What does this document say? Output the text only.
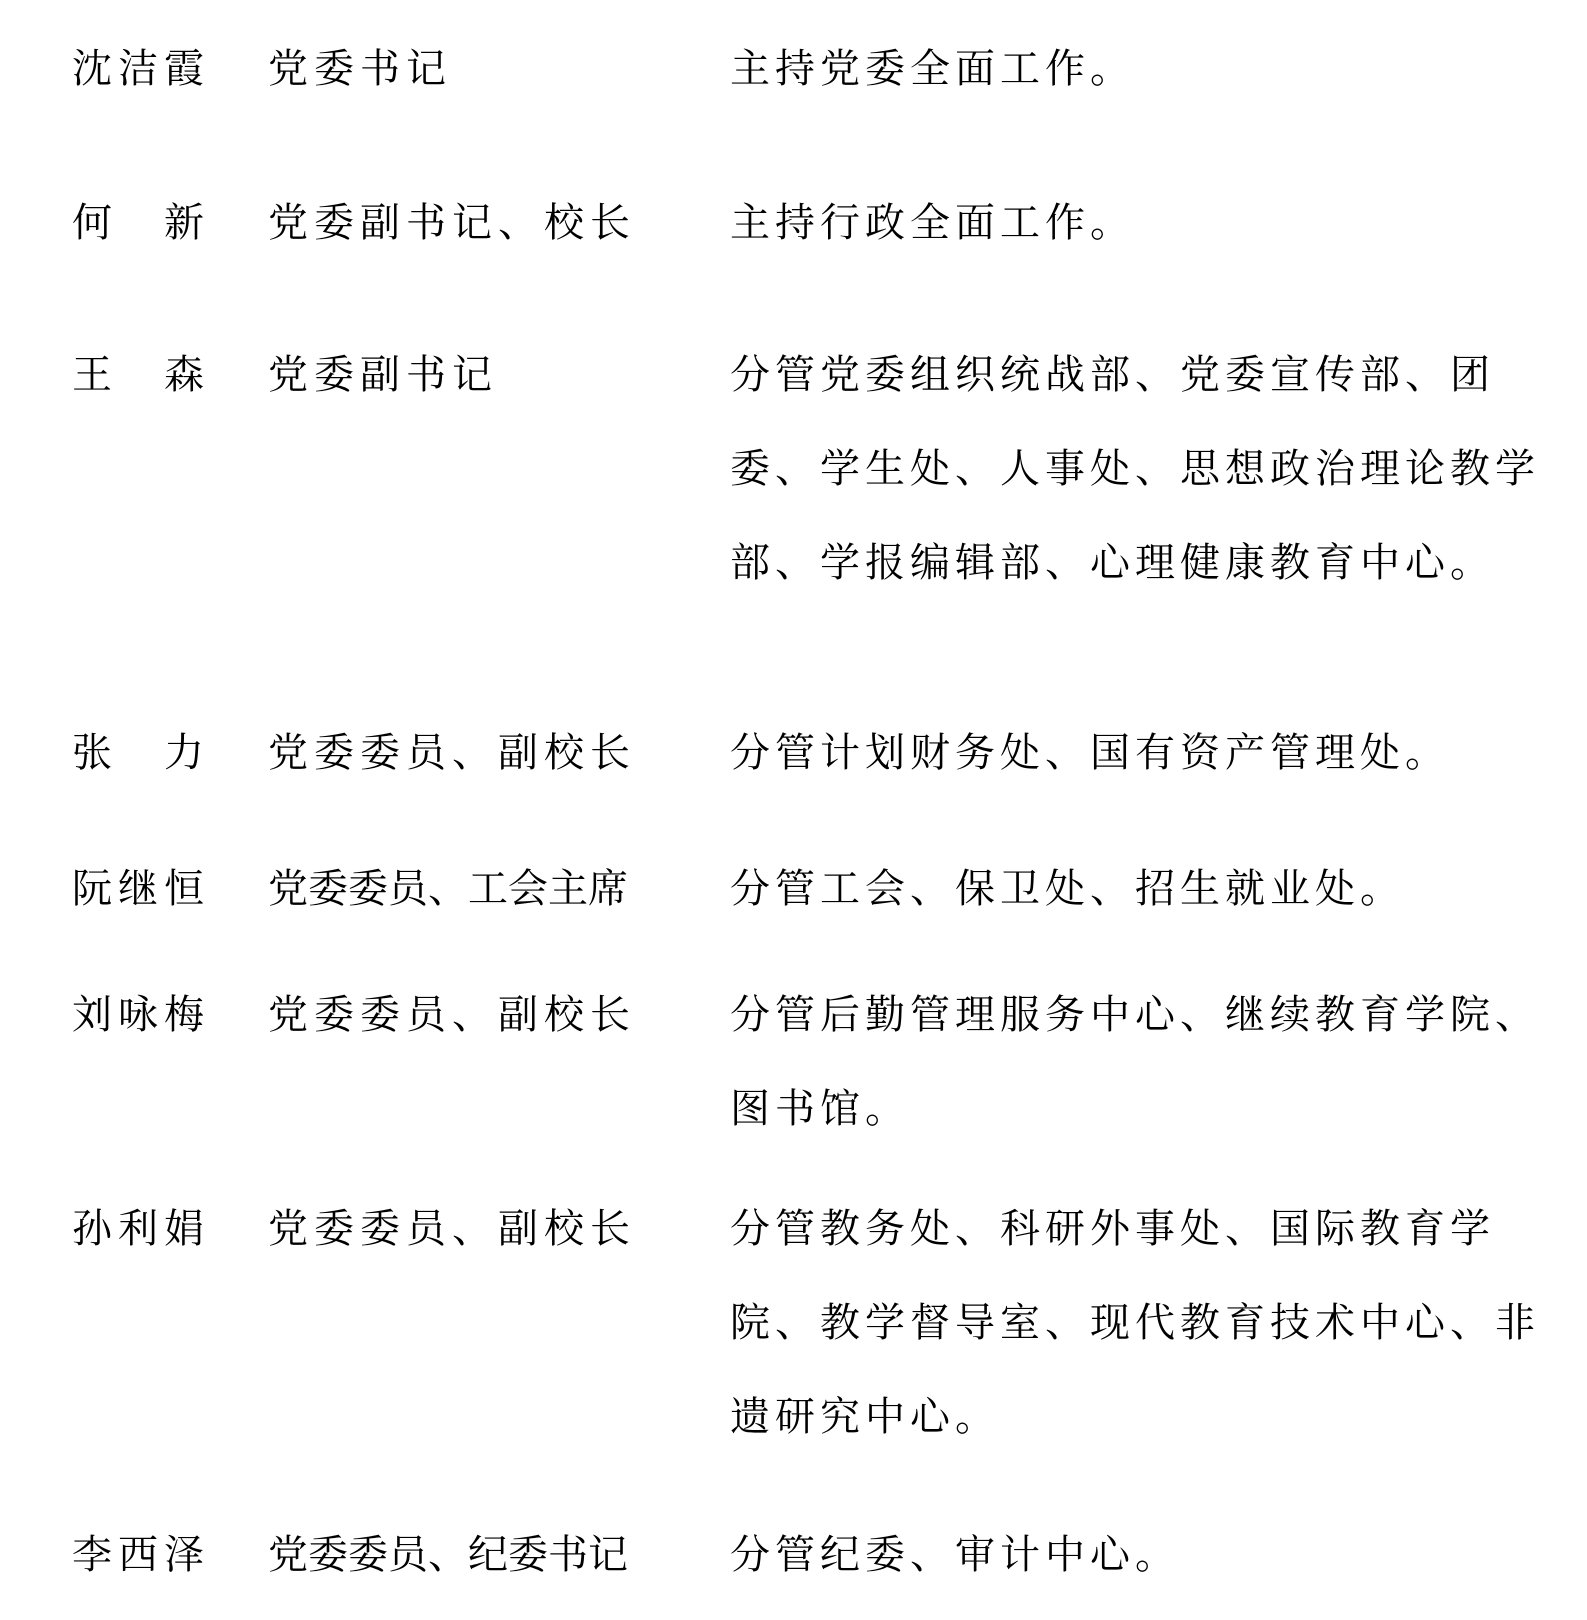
沈洁霞	党委书记	主持党委全面工作。
何　新	党委副书记、校长	主持行政全面工作。
王　森	党委副书记	分管党委组织统战部、党委宣传部、团委、学生处、人事处、思想政治理论教学部、学报编辑部、心理健康教育中心。
张　力	党委委员、副校长	分管计划财务处、国有资产管理处。
阮继恒	党委委员、工会主席	分管工会、保卫处、招生就业处。
刘咏梅	党委委员、副校长	分管后勤管理服务中心、继续教育学院、图书馆。
孙利娟	党委委员、副校长	分管教务处、科研外事处、国际教育学院、教学督导室、现代教育技术中心、非遗研究中心。
李西泽	党委委员、纪委书记	分管纪委、审计中心。
